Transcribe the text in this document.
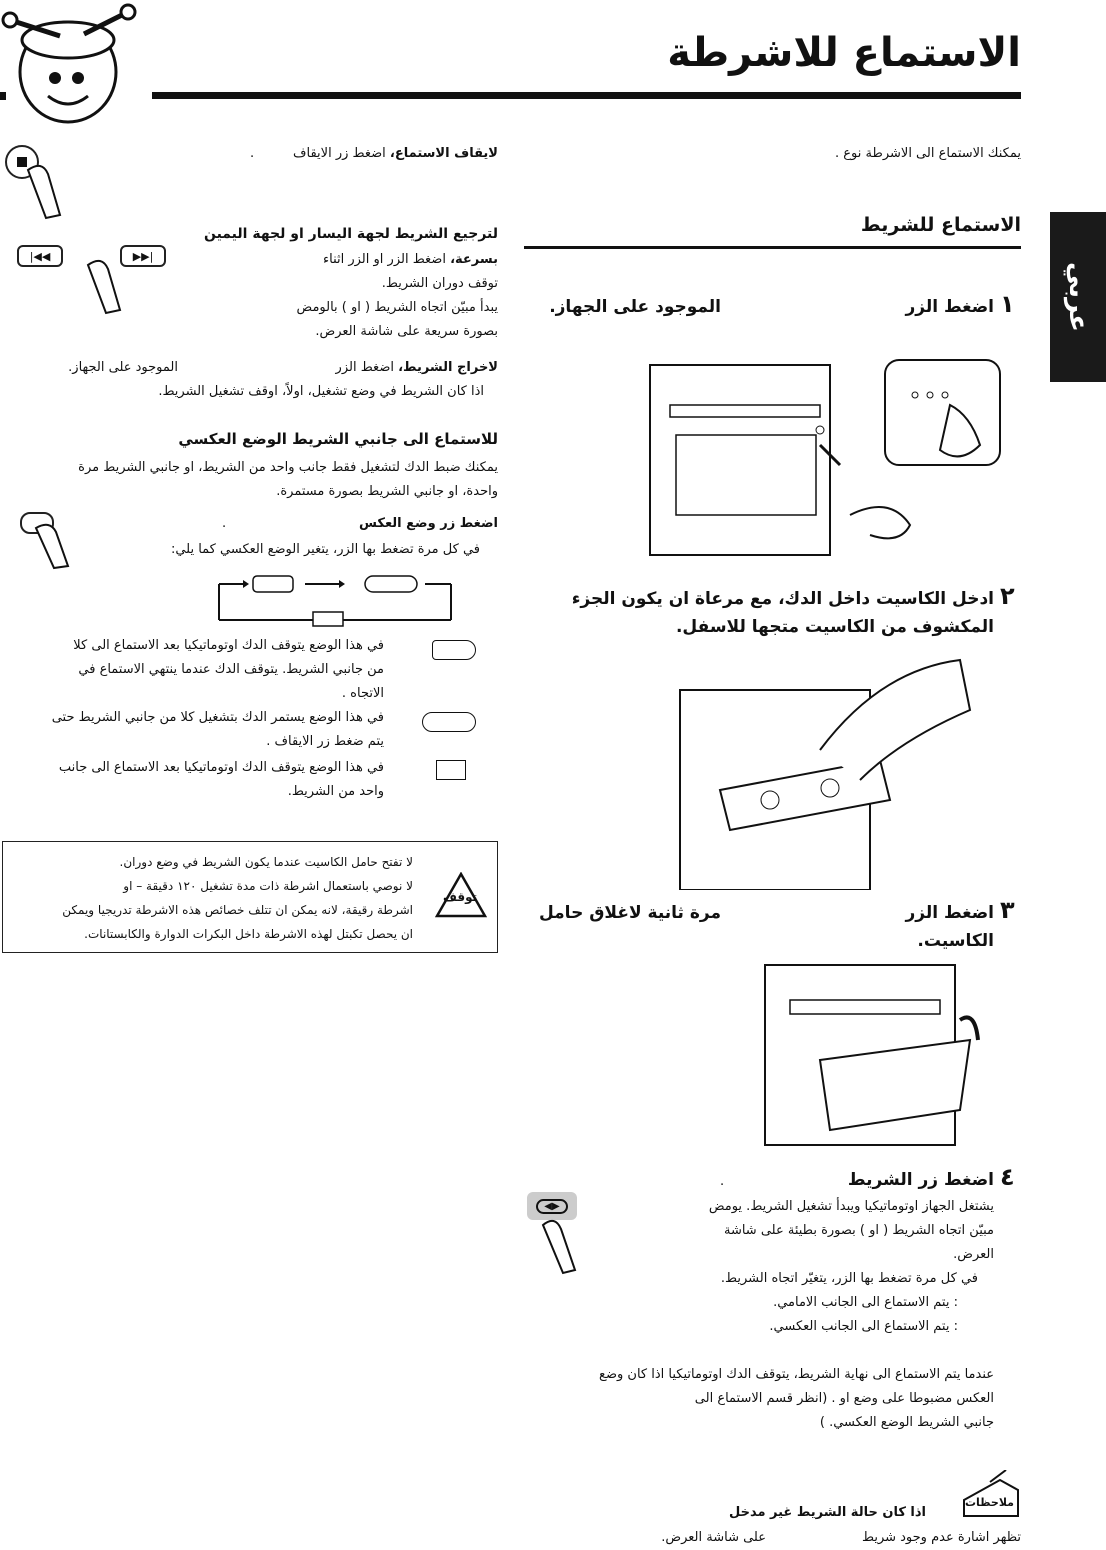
الاستماع للاشرطة
عربي
يمكنك الاستماع الى الاشرطة نوع .
الاستماع للشريط
١
اضغط الزر
الموجود على الجهاز.
٢
ادخل الكاسيت داخل الدك، مع مرعاة ان يكون الجزء
المكشوف من الكاسيت متجها للاسفل.
٣
اضغط الزر
مرة ثانية لاغلاق حامل
الكاسيت.
٤
اضغط زر الشريط
.
◀▶	يشتغل الجهاز اوتوماتيكيا ويبدأ تشغيل الشريط. يومض
مبيّن اتجاه الشريط ( او ) بصورة بطيئة على شاشة
العرض.
في كل مرة تضغط بها الزر، يتغيّر اتجاه الشريط.
: يتم الاستماع الى الجانب الامامي.
: يتم الاستماع الى الجانب العكسي.
عندما يتم الاستماع الى نهاية الشريط، يتوقف الدك اوتوماتيكيا اذا كان وضع
العكس مضبوطا على وضع او . (انظر قسم الاستماع الى
جانبي الشريط الوضع العكسي. )
ملاحظات
اذا كان حالة الشريط غير مدخل
تظهر اشارة عدم وجود شريط
على شاشة العرض.
لايقاف الاستماع، اضغط زر الايقاف
.
|◀◀	▶▶|
لترجيع الشريط لجهة اليسار او لجهة اليمين
بسرعة، اضغط الزر او الزر اثناء
توقف دوران الشريط.
يبدأ مبيّن اتجاه الشريط ( او ) بالومض
بصورة سريعة على شاشة العرض.
لاخراج الشريط، اضغط الزر
الموجود على الجهاز.
اذا كان الشريط في وضع تشغيل، اولاً، اوقف تشغيل الشريط.
للاستماع الى جانبي الشريط الوضع العكسي
يمكنك ضبط الدك لتشغيل فقط جانب واحد من الشريط، او جانبي الشريط مرة
واحدة، او جانبي الشريط بصورة مستمرة.
اضغط زر وضع العكس
.
في كل مرة تضغط بها الزر، يتغير الوضع العكسي كما يلي:
في هذا الوضع يتوقف الدك اوتوماتيكيا بعد الاستماع الى كلا
من جانبي الشريط. يتوقف الدك عندما ينتهي الاستماع في
الاتجاه .
في هذا الوضع يستمر الدك بتشغيل كلا من جانبي الشريط حتى
يتم ضغط زر الايقاف .
في هذا الوضع يتوقف الدك اوتوماتيكيا بعد الاستماع الى جانب
واحد من الشريط.
توقف
لا تفتح حامل الكاسيت عندما يكون الشريط في وضع دوران.
لا نوصي باستعمال اشرطة ذات مدة تشغيل ١٢٠ دقيقة – او
اشرطة رقيقة، لانه يمكن ان تتلف خصائص هذه الاشرطة تدريجيا ويمكن
ان يحصل تكبتل لهذه الاشرطة داخل البكرات الدوارة والكابستانات.
